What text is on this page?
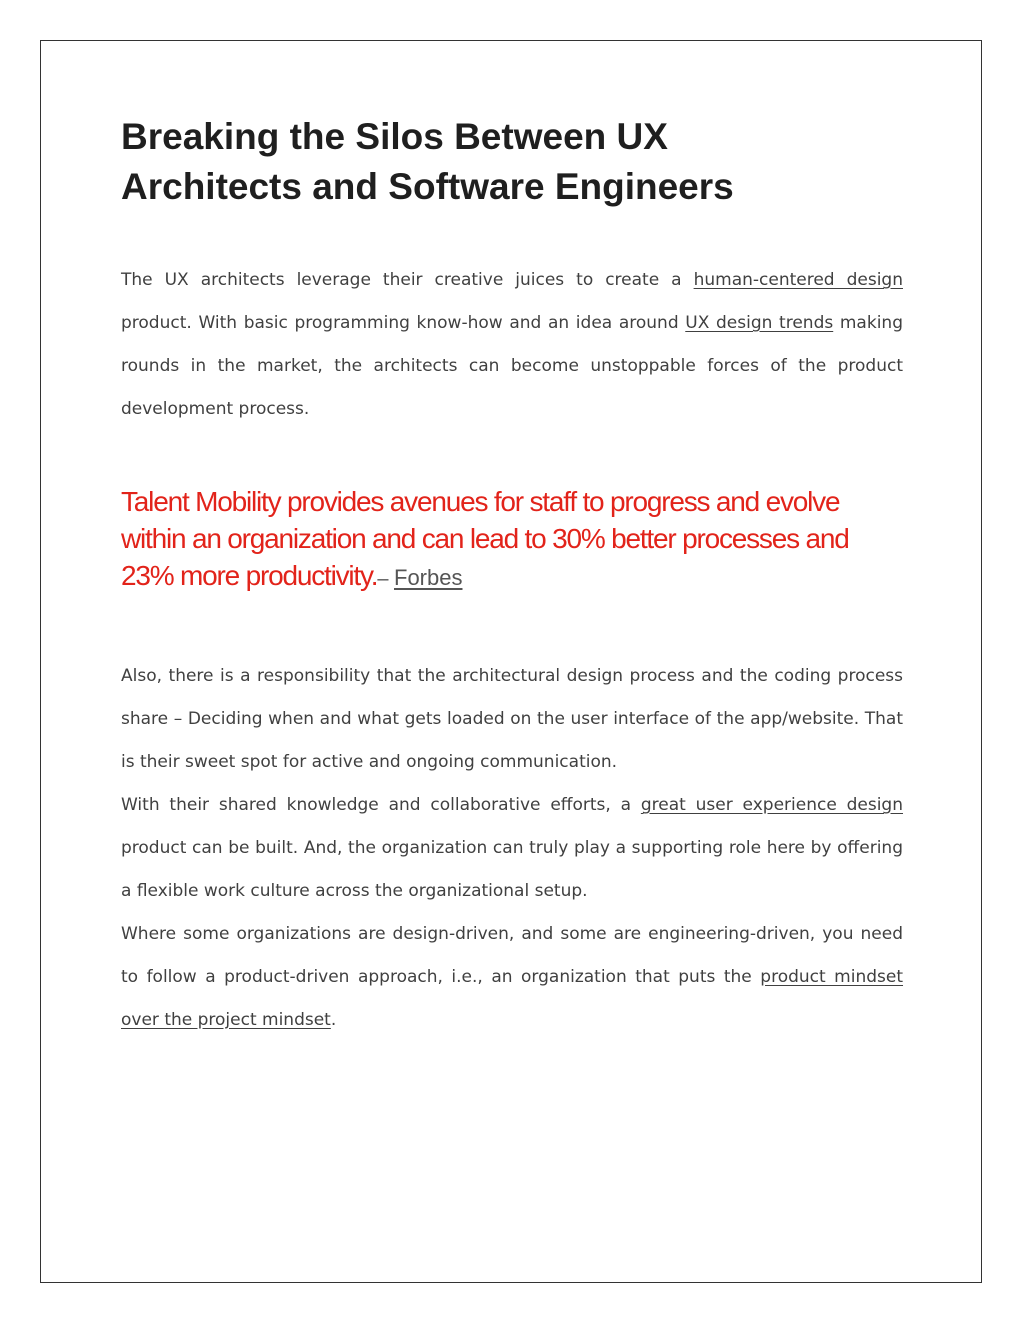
Breaking the Silos Between UX Architects and Software Engineers

The UX architects leverage their creative juices to create a human-centered design product. With basic programming know-how and an idea around UX design trends making rounds in the market, the architects can become unstoppable forces of the product development process.

Talent Mobility provides avenues for staff to progress and evolve within an organization and can lead to 30% better processes and 23% more productivity.– Forbes

Also, there is a responsibility that the architectural design process and the coding process share – Deciding when and what gets loaded on the user interface of the app/website. That is their sweet spot for active and ongoing communication.

With their shared knowledge and collaborative efforts, a great user experience design product can be built. And, the organization can truly play a supporting role here by offering a flexible work culture across the organizational setup.

Where some organizations are design-driven, and some are engineering-driven, you need to follow a product-driven approach, i.e., an organization that puts the product mindset over the project mindset.
